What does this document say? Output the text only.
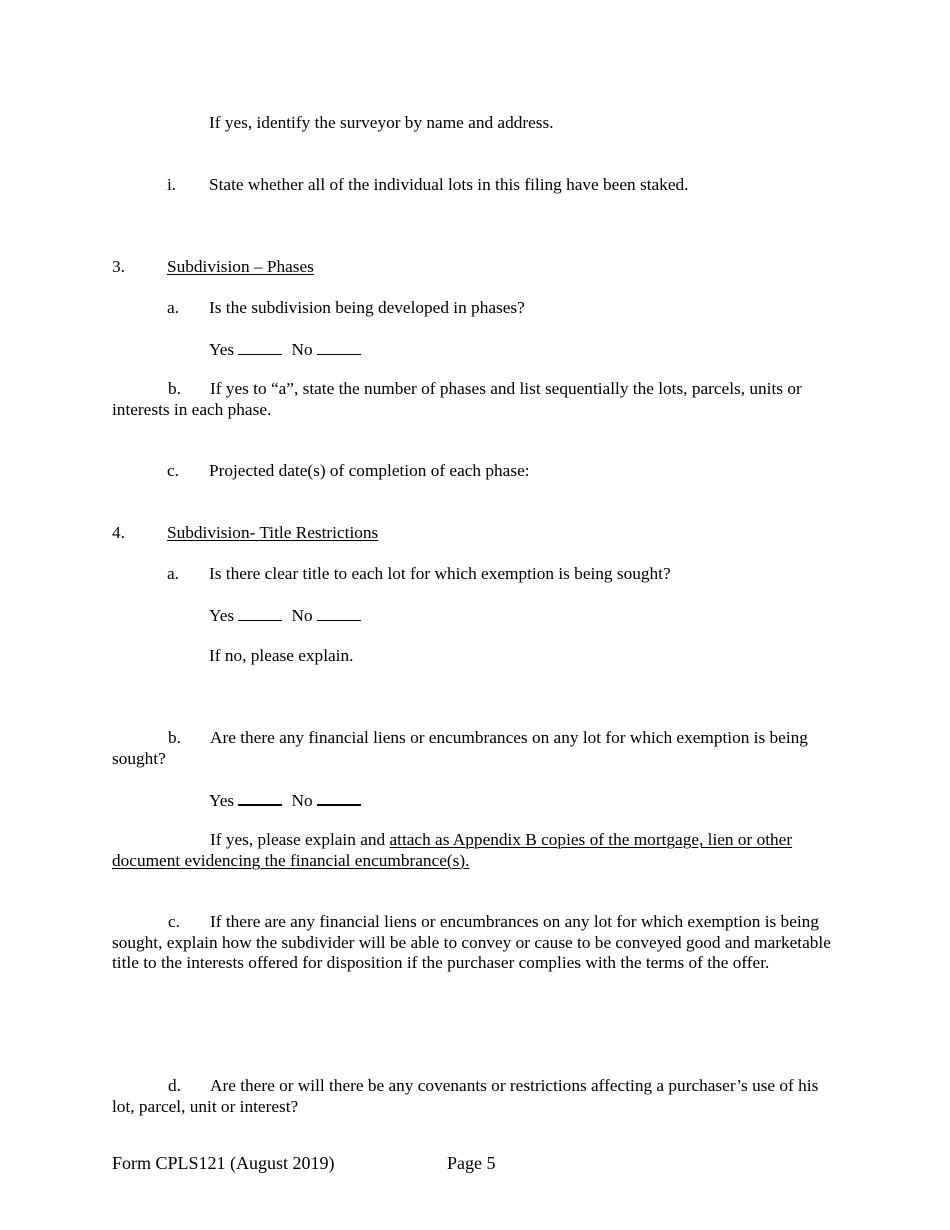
If yes, identify the surveyor by name and address.
i. State whether all of the individual lots in this filing have been staked.
3. Subdivision – Phases
a. Is the subdivision being developed in phases?
Yes	No
b. If yes to “a”, state the number of phases and list sequentially the lots, parcels, units or interests in each phase.
c. Projected date(s) of completion of each phase:
4. Subdivision- Title Restrictions
a. Is there clear title to each lot for which exemption is being sought?
Yes	No
If no, please explain.
b. Are there any financial liens or encumbrances on any lot for which exemption is being sought?
Yes	No
If yes, please explain and attach as Appendix B copies of the mortgage, lien or other document evidencing the financial encumbrance(s).
c. If there are any financial liens or encumbrances on any lot for which exemption is being sought, explain how the subdivider will be able to convey or cause to be conveyed good and marketable title to the interests offered for disposition if the purchaser complies with the terms of the offer.
d. Are there or will there be any covenants or restrictions affecting a purchaser’s use of his lot, parcel, unit or interest?
Form CPLS121 (August 2019)	Page 5
